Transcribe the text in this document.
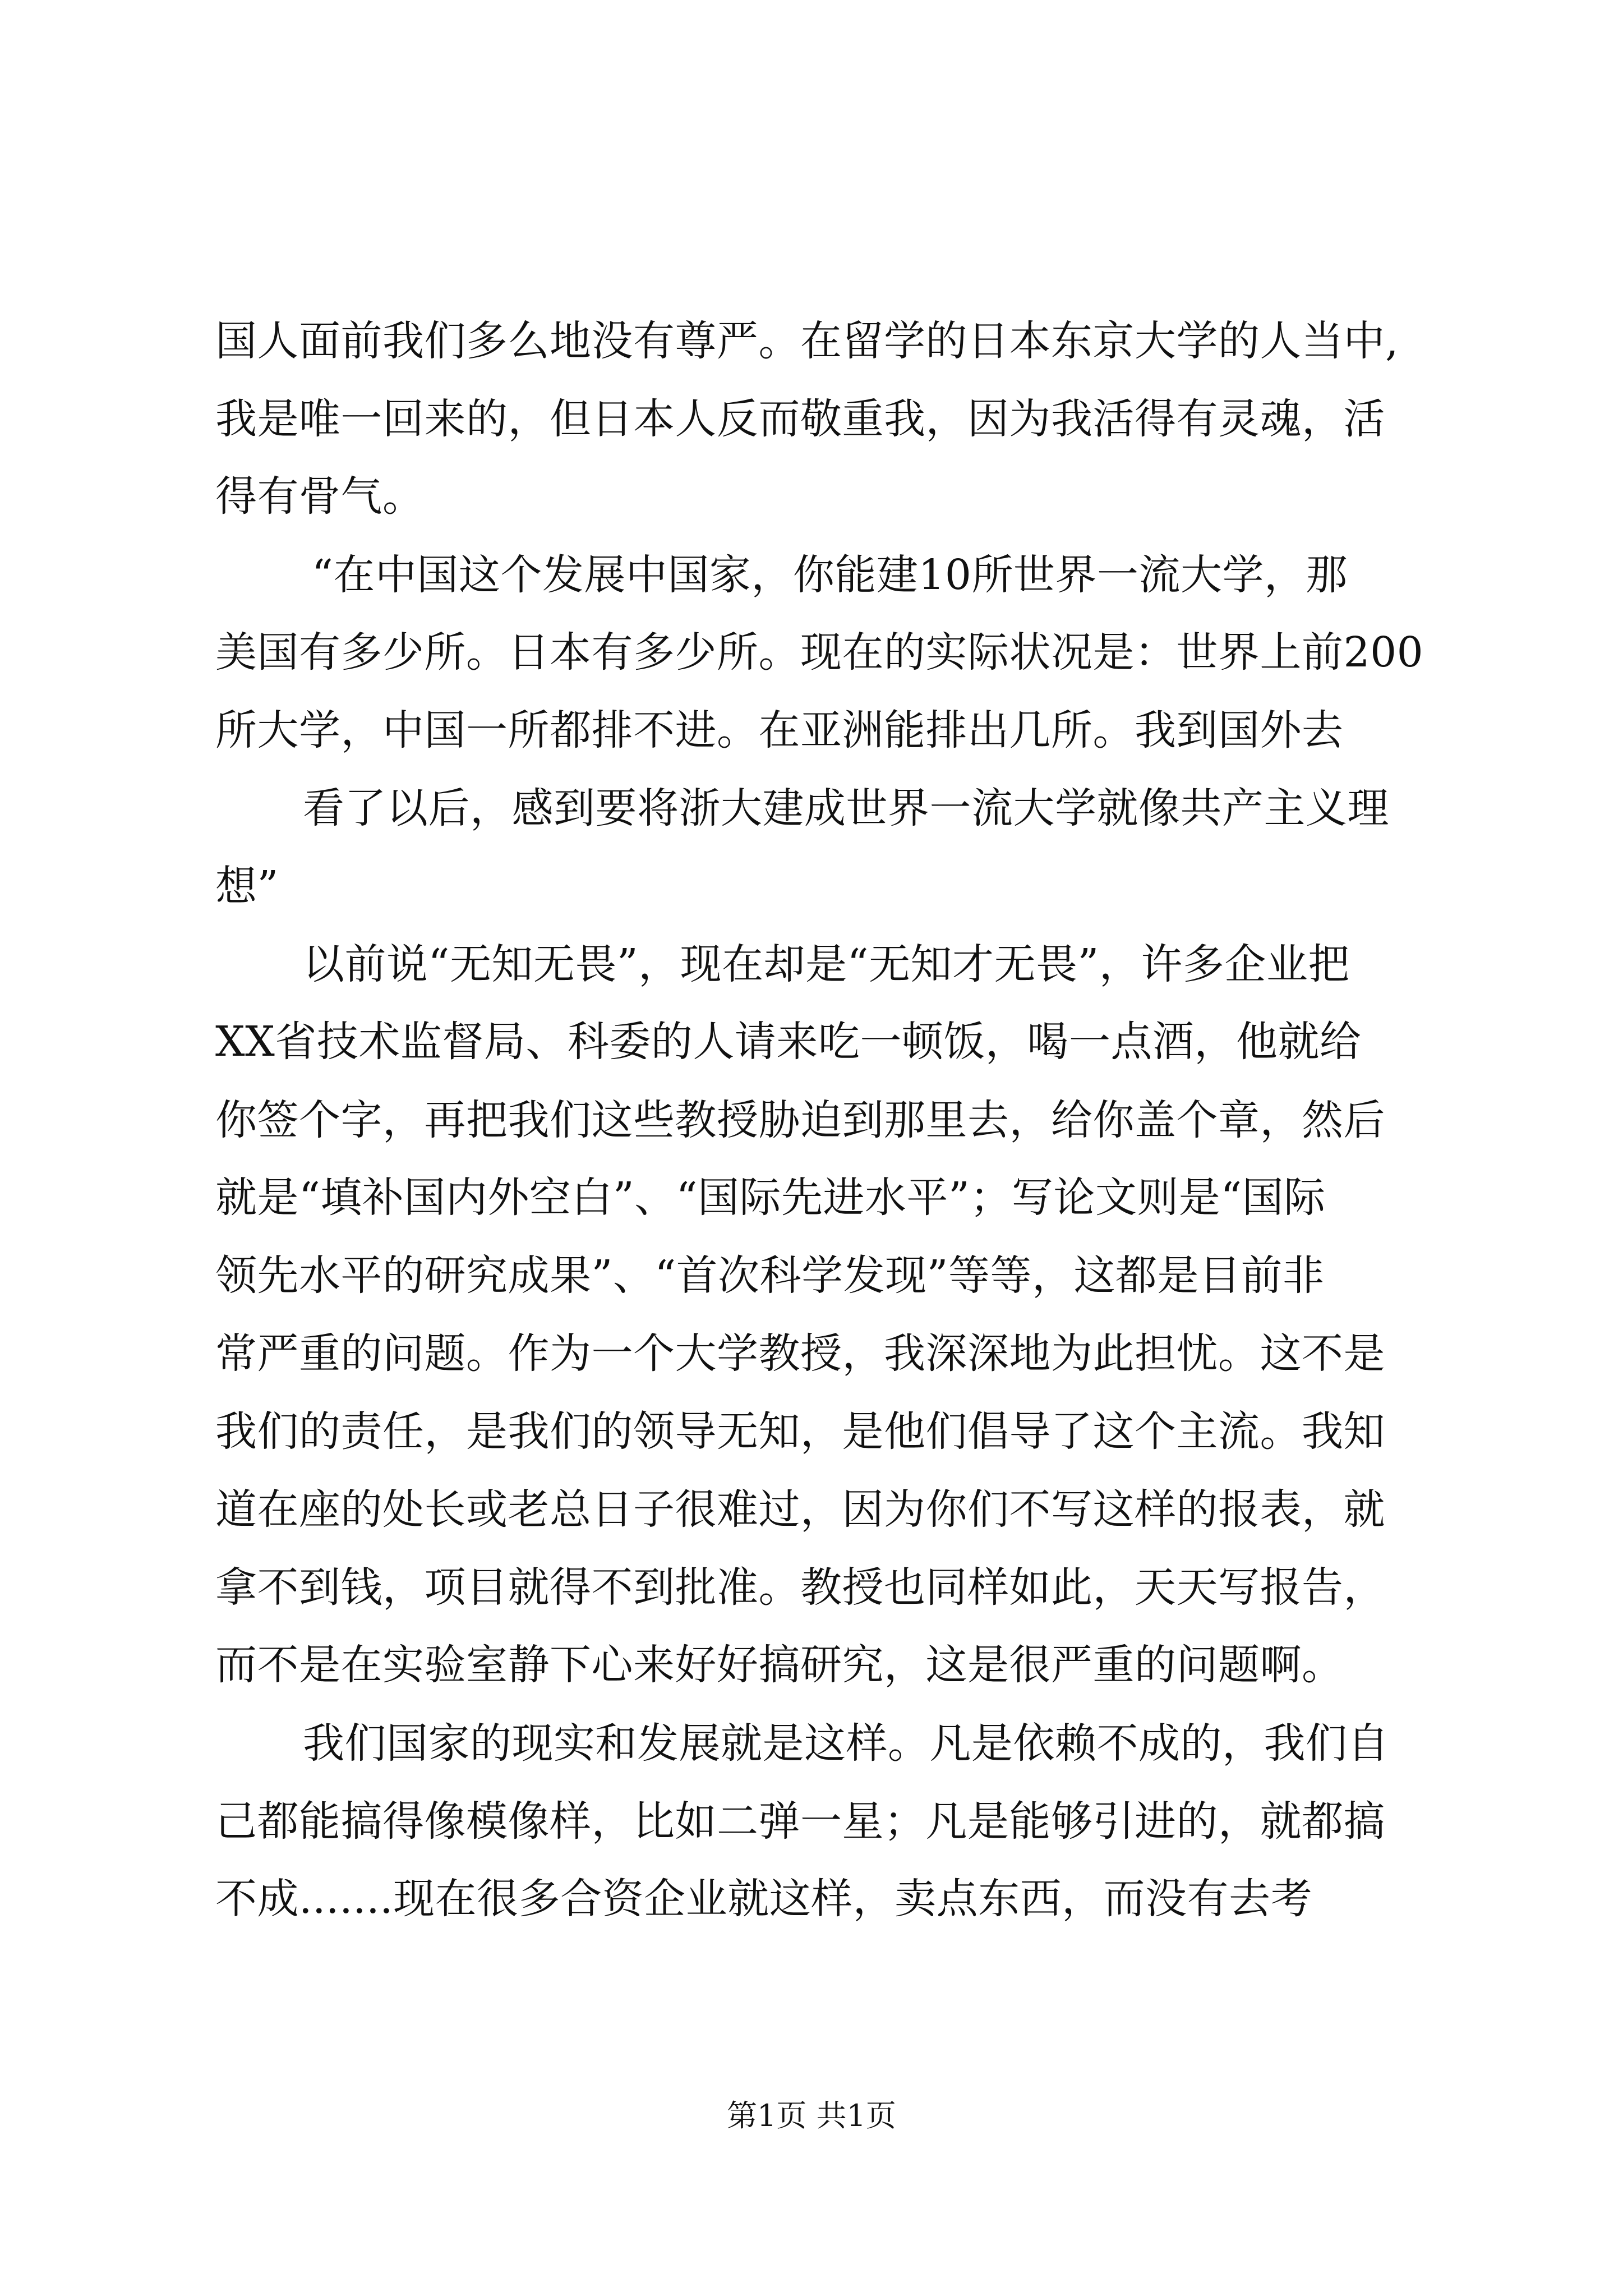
国人面前我们多么地没有尊严。在留学的日本东京大学的人当中,
我是唯一回来的，但日本人反而敬重我，因为我活得有灵魂，活
得有骨气。
“在中国这个发展中国家，你能建10所世界一流大学，那
美国有多少所。日本有多少所。现在的实际状况是：世界上前200
所大学，中国一所都排不进。在亚洲能排出几所。我到国外去
看了以后，感到要将浙大建成世界一流大学就像共产主义理
想”
以前说“无知无畏”，现在却是“无知才无畏”，许多企业把
XX省技术监督局、科委的人请来吃一顿饭，喝一点酒，他就给
你签个字，再把我们这些教授胁迫到那里去，给你盖个章，然后
就是“填补国内外空白”、“国际先进水平”；写论文则是“国际
领先水平的研究成果”、“首次科学发现”等等，这都是目前非
常严重的问题。作为一个大学教授，我深深地为此担忧。这不是
我们的责任，是我们的领导无知，是他们倡导了这个主流。我知
道在座的处长或老总日子很难过，因为你们不写这样的报表，就
拿不到钱，项目就得不到批准。教授也同样如此，天天写报告，
而不是在实验室静下心来好好搞研究，这是很严重的问题啊。
我们国家的现实和发展就是这样。凡是依赖不成的，我们自
己都能搞得像模像样，比如二弹一星；凡是能够引进的，就都搞
不成.......现在很多合资企业就这样，卖点东西，而没有去考
第1页 共1页
